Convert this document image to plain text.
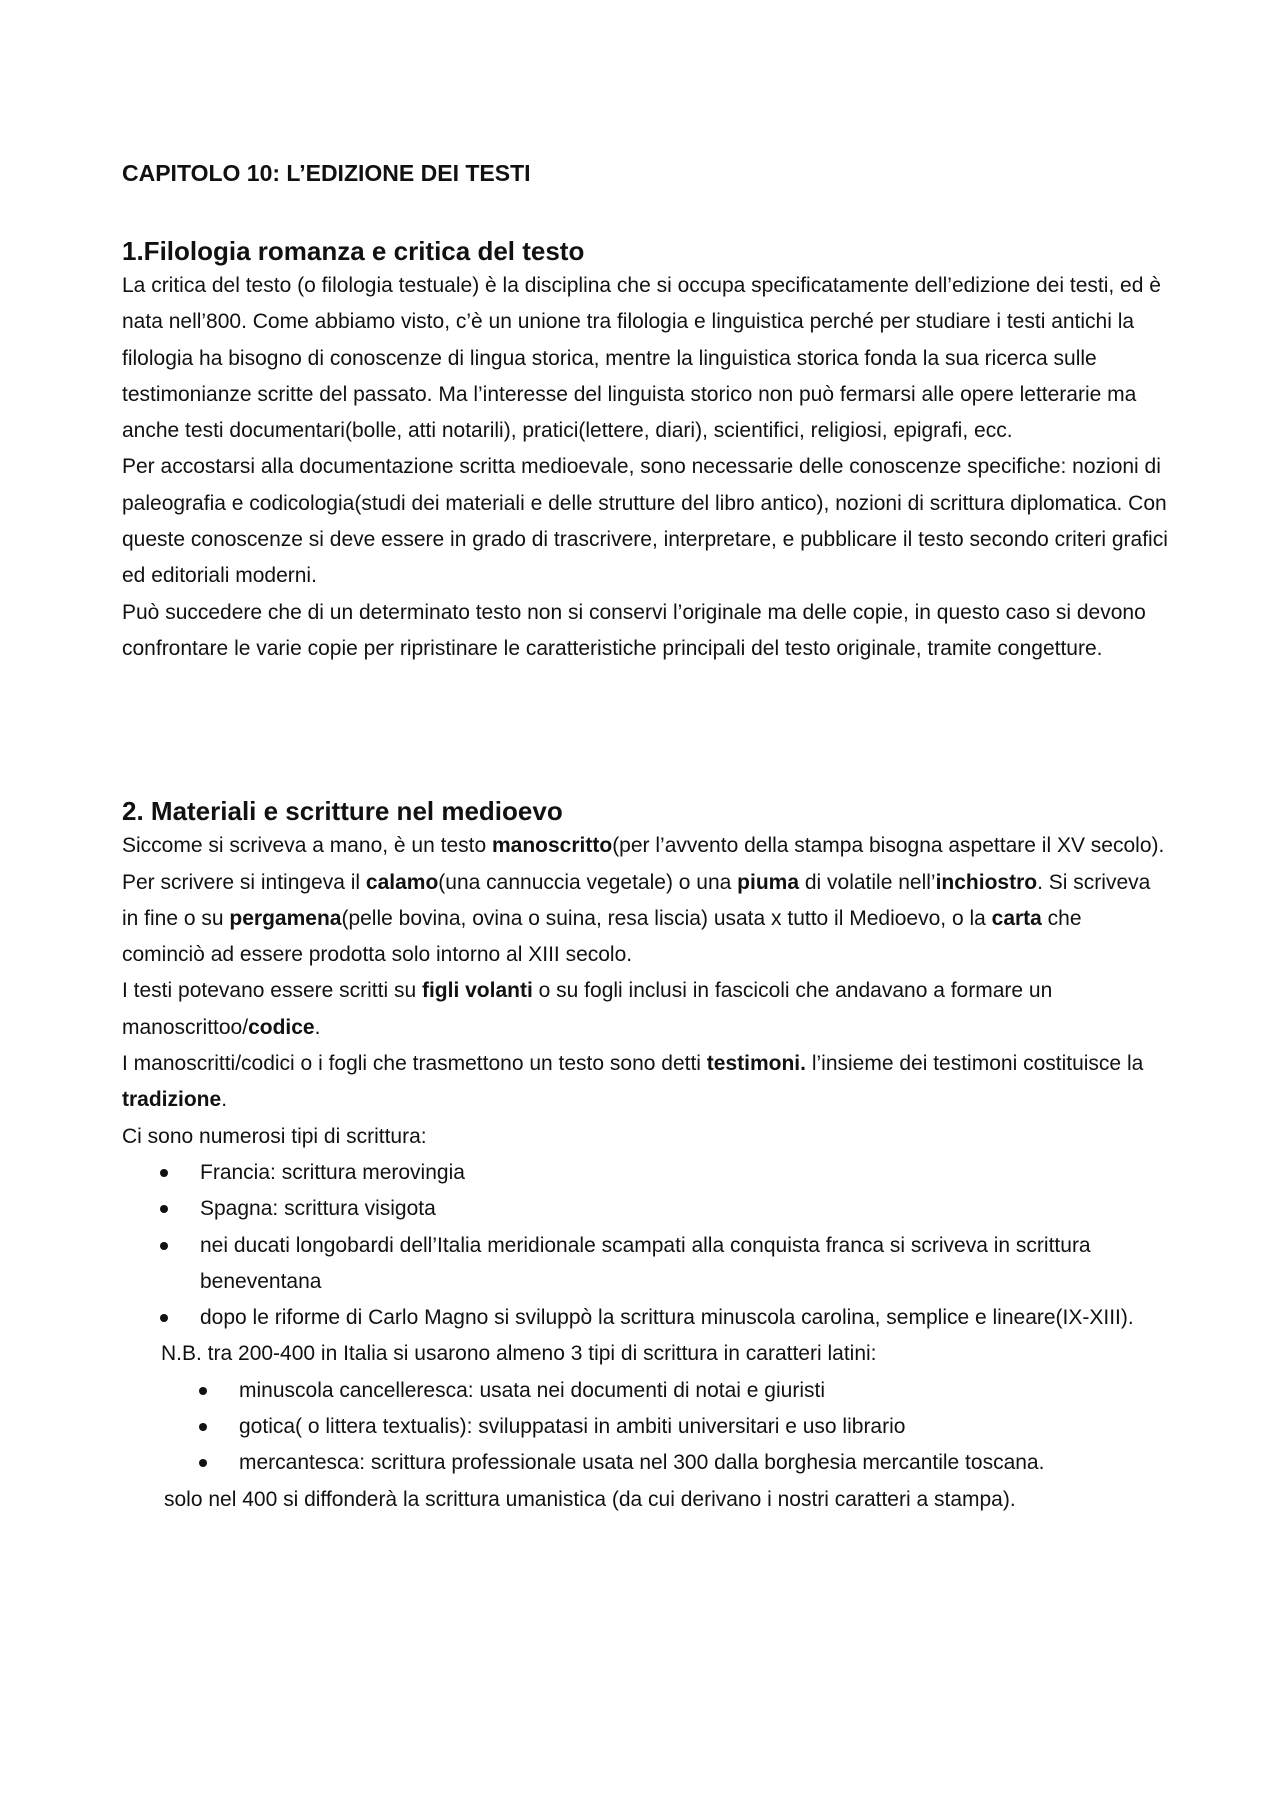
CAPITOLO 10: L’EDIZIONE DEI TESTI
1.Filologia romanza e critica del testo

La critica del testo (o filologia testuale) è la disciplina che si occupa specificatamente dell’edizione dei testi, ed è nata nell’800. Come abbiamo visto, c’è un unione tra filologia e linguistica perché per studiare i testi antichi la filologia ha bisogno di conoscenze di lingua storica, mentre la linguistica storica fonda la sua ricerca sulle testimonianze scritte del passato. Ma l’interesse del linguista storico non può fermarsi alle opere letterarie ma anche testi documentari(bolle, atti notarili), pratici(lettere, diari), scientifici, religiosi, epigrafi, ecc.

Per accostarsi alla documentazione scritta medioevale, sono necessarie delle conoscenze specifiche: nozioni di paleografia e codicologia(studi dei materiali e delle strutture del libro antico), nozioni di scrittura diplomatica. Con queste conoscenze si deve essere in grado di trascrivere, interpretare, e pubblicare il testo secondo criteri grafici ed editoriali moderni.

Può succedere che di un determinato testo non si conservi l’originale ma delle copie, in questo caso si devono confrontare le varie copie per ripristinare le caratteristiche principali del testo originale, tramite congetture.

2. Materiali e scritture nel medioevo

Siccome si scriveva a mano, è un testo manoscritto(per l’avvento della stampa bisogna aspettare il XV secolo). Per scrivere si intingeva il calamo(una cannuccia vegetale) o una piuma di volatile nell’inchiostro. Si scriveva in fine o su pergamena(pelle bovina, ovina o suina, resa liscia) usata x tutto il Medioevo, o la carta che cominciò ad essere prodotta solo intorno al XIII secolo.

I testi potevano essere scritti su figli volanti o su fogli inclusi in fascicoli che andavano a formare un manoscrittoo/codice.

I manoscritti/codici o i fogli che trasmettono un testo sono detti testimoni. l’insieme dei testimoni costituisce la tradizione.

Ci sono numerosi tipi di scrittura:

Francia: scrittura merovingia
Spagna: scrittura visigota
nei ducati longobardi dell’Italia meridionale scampati alla conquista franca si scriveva in scrittura beneventana
dopo le riforme di Carlo Magno si sviluppò la scrittura minuscola carolina, semplice e lineare(IX-XIII).

N.B. tra 200-400 in Italia si usarono almeno 3 tipi di scrittura in caratteri latini:

minuscola cancelleresca: usata nei documenti di notai e giuristi
gotica( o littera textualis): sviluppatasi in ambiti universitari e uso librario
mercantesca: scrittura professionale usata nel 300 dalla borghesia mercantile toscana.

solo nel 400 si diffonderà la scrittura umanistica (da cui derivano i nostri caratteri a stampa).
